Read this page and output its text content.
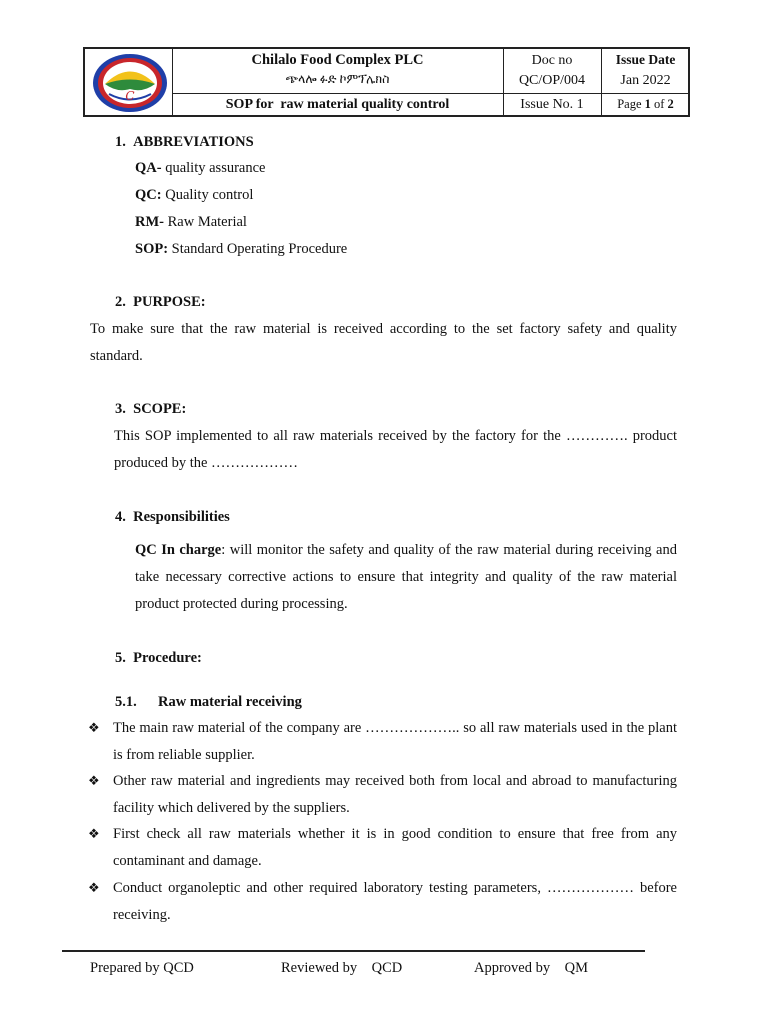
C
Chilalo Food Complex PLC
ጭላሎ ፉድ ኮምፕሌክስ
SOP for  raw material quality control
Doc no
QC/OP/004
Issue No. 1
Issue Date
Jan 2022
Page 1 of 2
1.  ABBREVIATIONS
QA- quality assurance
QC: Quality control
RM- Raw Material
SOP: Standard Operating Procedure
2.  PURPOSE:
To make sure that the raw material is received according to the set factory safety and quality standard.
3.  SCOPE:
This SOP implemented to all raw materials received by the factory for the …………. product produced by the ………………
4.  Responsibilities
QC In charge: will monitor the safety and quality of the raw material during receiving and take necessary corrective actions to ensure that integrity and quality of the raw material product protected during processing.
5.  Procedure:
5.1. Raw material receiving
❖ The main raw material of the company are ……………….. so all raw materials used in the plant is from reliable supplier.
❖ Other raw material and ingredients may received both from local and abroad to manufacturing facility which delivered by the suppliers.
❖ First check all raw materials whether it is in good condition to ensure that free from any contaminant and damage.
❖ Conduct organoleptic and other required laboratory testing parameters, ……………… before receiving.
Prepared by QCD	Reviewed by    QCD	Approved by    QM
